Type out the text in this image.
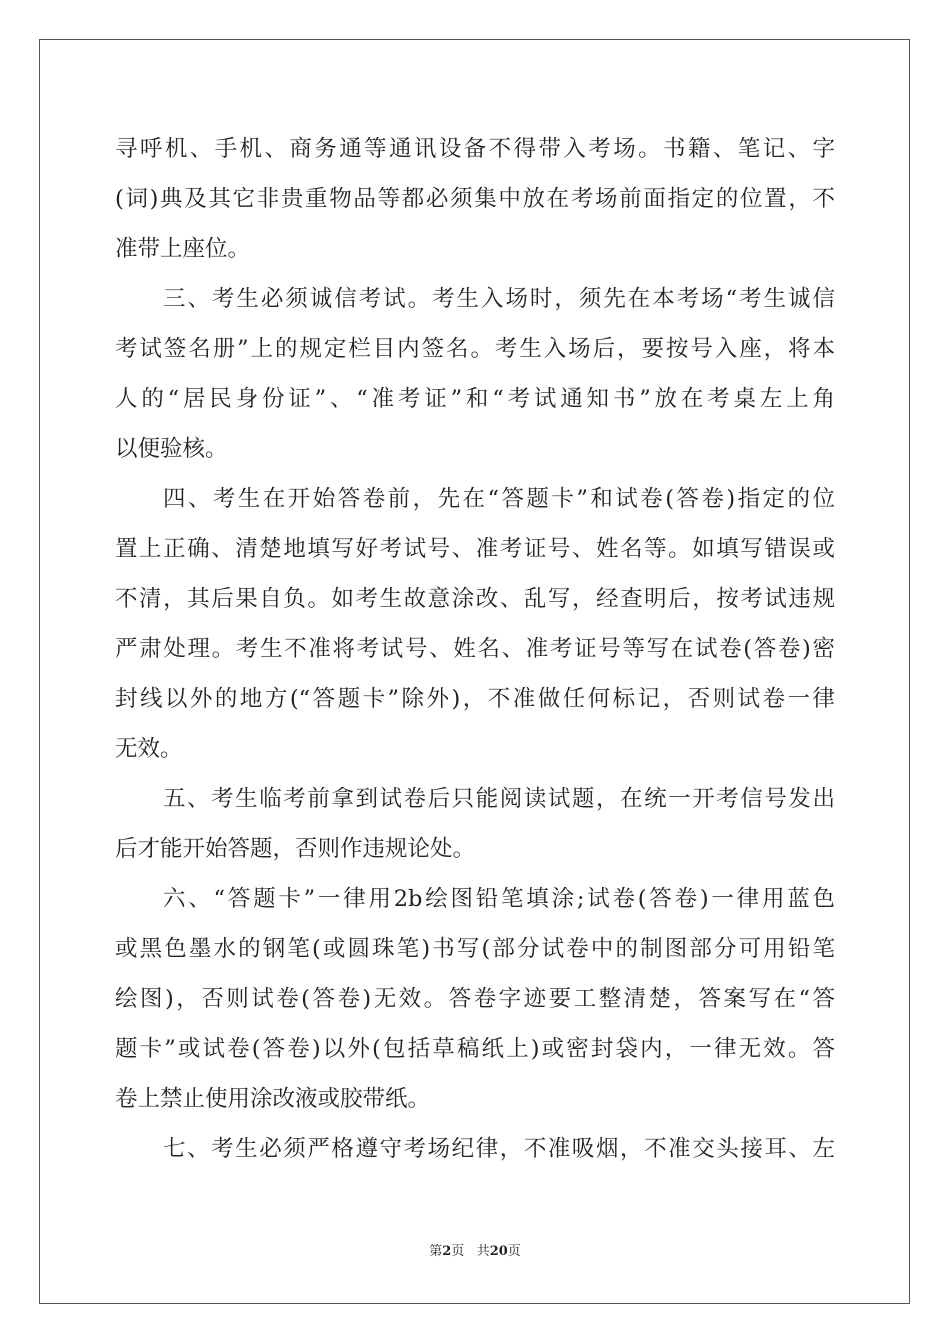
寻呼机、手机、商务通等通讯设备不得带入考场。书籍、笔记、字
(词)典及其它非贵重物品等都必须集中放在考场前面指定的位置，不
准带上座位。
三、考生必须诚信考试。考生入场时，须先在本考场“考生诚信
考试签名册”上的规定栏目内签名。考生入场后，要按号入座，将本
人的“居民身份证”、“准考证”和“考试通知书”放在考桌左上角
以便验核。
四、考生在开始答卷前，先在“答题卡”和试卷(答卷)指定的位
置上正确、清楚地填写好考试号、准考证号、姓名等。如填写错误或
不清，其后果自负。如考生故意涂改、乱写，经查明后，按考试违规
严肃处理。考生不准将考试号、姓名、准考证号等写在试卷(答卷)密
封线以外的地方(“答题卡”除外)，不准做任何标记，否则试卷一律
无效。
五、考生临考前拿到试卷后只能阅读试题，在统一开考信号发出
后才能开始答题，否则作违规论处。
六、“答题卡”一律用2b绘图铅笔填涂;试卷(答卷)一律用蓝色
或黑色墨水的钢笔(或圆珠笔)书写(部分试卷中的制图部分可用铅笔
绘图)，否则试卷(答卷)无效。答卷字迹要工整清楚，答案写在“答
题卡”或试卷(答卷)以外(包括草稿纸上)或密封袋内，一律无效。答
卷上禁止使用涂改液或胶带纸。
七、考生必须严格遵守考场纪律，不准吸烟，不准交头接耳、左
第2页 共20页
